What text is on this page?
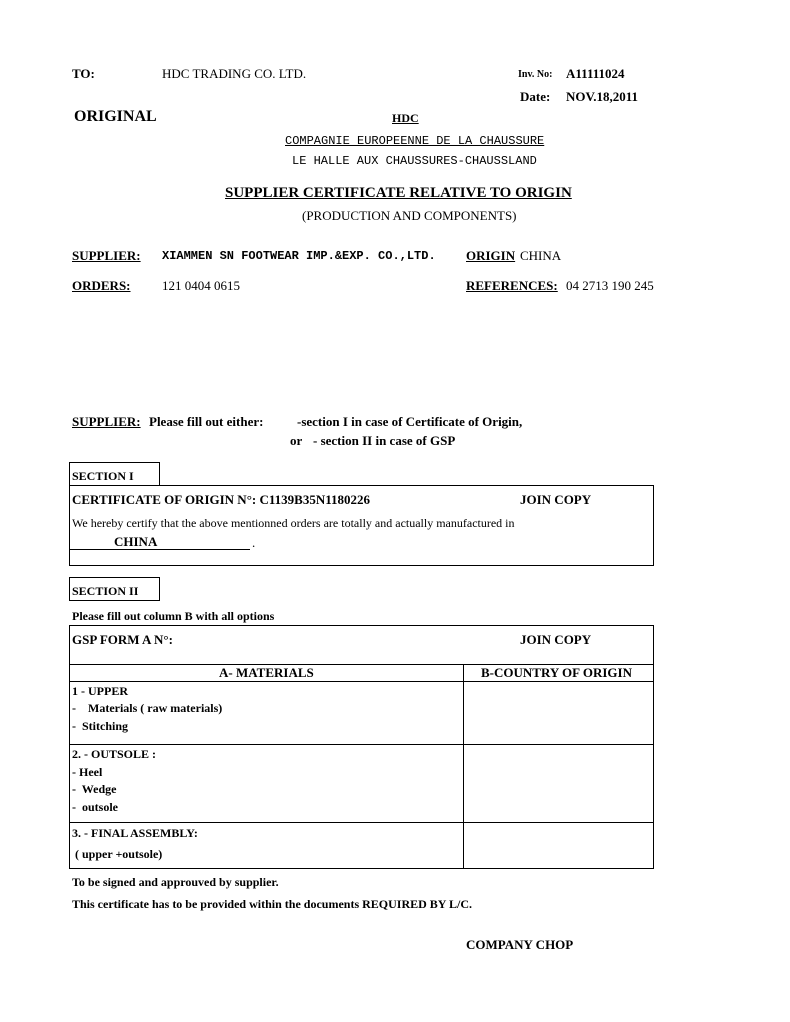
TO:	HDC TRADING CO. LTD.	Inv. No: A11111024
Date: NOV.18,2011
ORIGINAL	HDC
COMPAGNIE EUROPEENNE DE LA CHAUSSURE
LE HALLE AUX CHAUSSURES-CHAUSSLAND
SUPPLIER CERTIFICATE RELATIVE TO ORIGIN
(PRODUCTION AND COMPONENTS)
SUPPLIER: XIAMMEN SN FOOTWEAR IMP.&EXP. CO.,LTD. ORIGIN CHINA
ORDERS: 121 0404 0615	REFERENCES: 04 2713 190 245
SUPPLIER: Please fill out either:	-section I in case of Certificate of Origin,
or - section II in case of GSP
SECTION I
CERTIFICATE OF ORIGIN N°: C1139B35N1180226	JOIN COPY
We hereby certify that the above mentionned orders are totally and actually manufactured in
CHINA	.
SECTION II
Please fill out column B with all options
GSP FORM A N°:	JOIN COPY
A- MATERIALS	B-COUNTRY OF ORIGIN
1 - UPPER
-    Materials ( raw materials)
-  Stitching
2. - OUTSOLE :
- Heel
-  Wedge
-  outsole
3. - FINAL ASSEMBLY:
( upper +outsole)
To be signed and approuved by supplier.
This certificate has to be provided within the documents REQUIRED BY L/C.
COMPANY CHOP
